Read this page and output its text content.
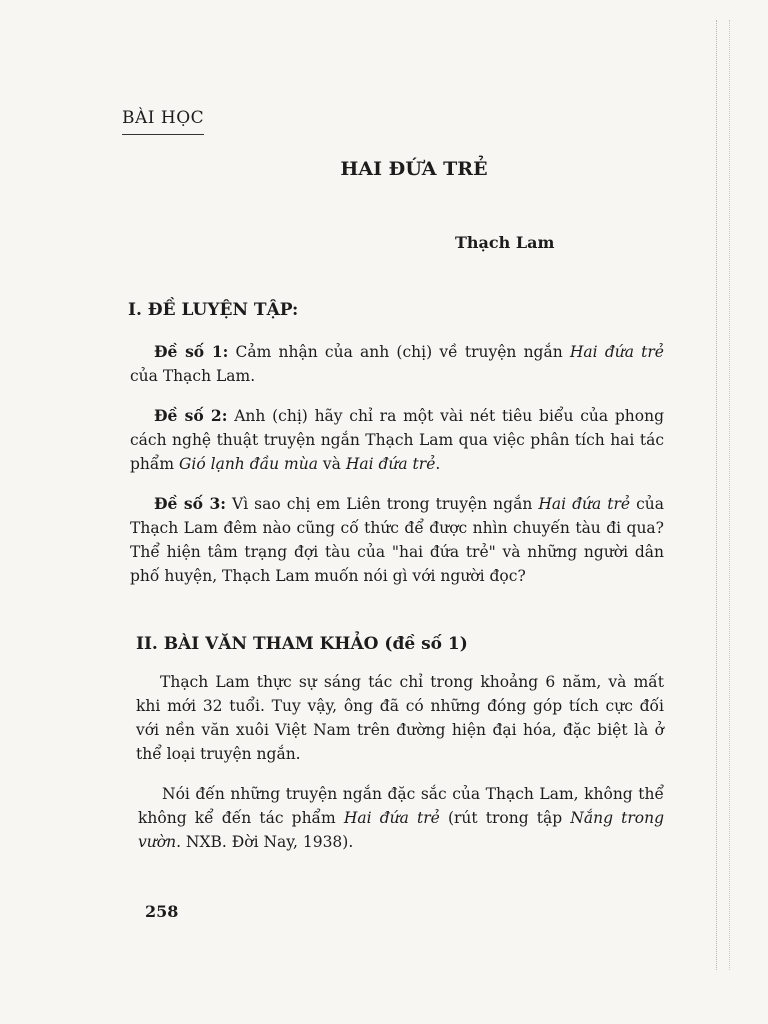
BÀI HỌC
HAI ĐỨA TRẺ
Thạch Lam
I. ĐỀ LUYỆN TẬP:
Đề số 1: Cảm nhận của anh (chị) về truyện ngắn Hai đứa trẻ của Thạch Lam.
Đề số 2: Anh (chị) hãy chỉ ra một vài nét tiêu biểu của phong cách nghệ thuật truyện ngắn Thạch Lam qua việc phân tích hai tác phẩm Gió lạnh đầu mùa và Hai đứa trẻ.
Đề số 3: Vì sao chị em Liên trong truyện ngắn Hai đứa trẻ của Thạch Lam đêm nào cũng cố thức để được nhìn chuyến tàu đi qua? Thể hiện tâm trạng đợi tàu của "hai đứa trẻ" và những người dân phố huyện, Thạch Lam muốn nói gì với người đọc?
II. BÀI VĂN THAM KHẢO (đề số 1)
Thạch Lam thực sự sáng tác chỉ trong khoảng 6 năm, và mất khi mới 32 tuổi. Tuy vậy, ông đã có những đóng góp tích cực đối với nền văn xuôi Việt Nam trên đường hiện đại hóa, đặc biệt là ở thể loại truyện ngắn.
Nói đến những truyện ngắn đặc sắc của Thạch Lam, không thể không kể đến tác phẩm Hai đứa trẻ (rút trong tập Nắng trong vườn. NXB. Đời Nay, 1938).
258
